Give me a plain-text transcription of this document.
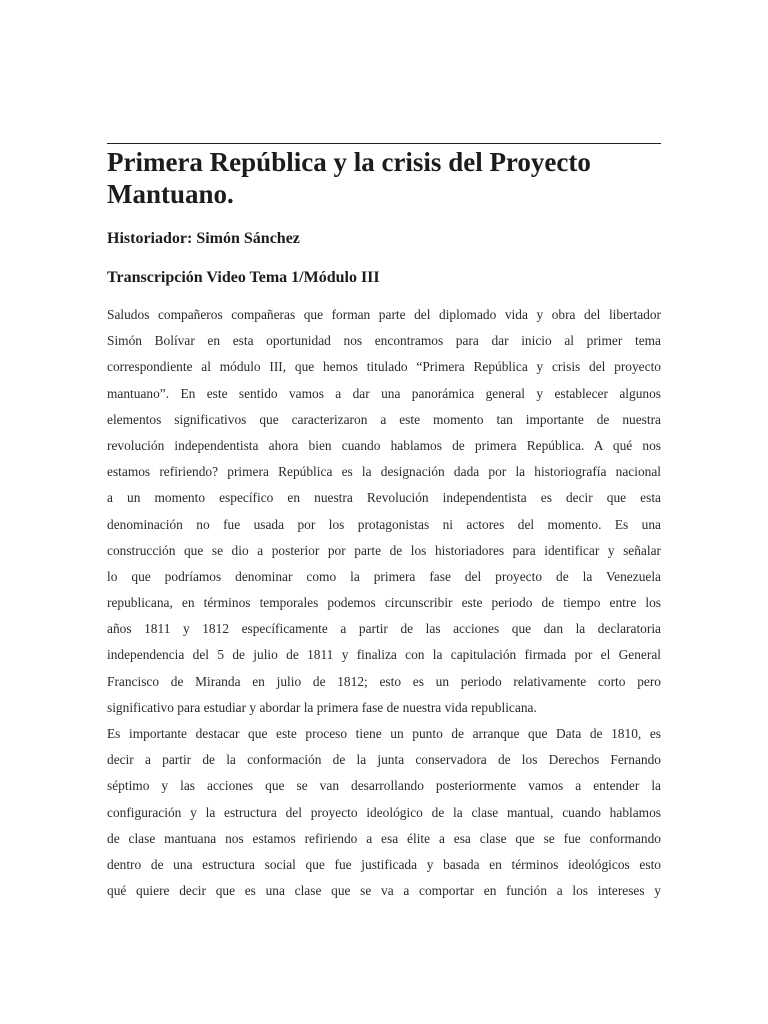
Primera República y la crisis del Proyecto Mantuano.

Historiador: Simón Sánchez

Transcripción Video Tema 1/Módulo III

Saludos compañeros compañeras que forman parte del diplomado vida y obra del libertador
Simón Bolívar en esta oportunidad nos encontramos para dar inicio al primer tema
correspondiente al módulo III, que hemos titulado “Primera República y crisis del proyecto
mantuano”. En este sentido vamos a dar una panorámica general y establecer algunos
elementos significativos que caracterizaron a este momento tan importante de nuestra
revolución independentista ahora bien cuando hablamos de primera República. A qué nos
estamos refiriendo? primera República es la designación dada por la historiografía nacional
a un momento específico en nuestra Revolución independentista es decir que esta
denominación no fue usada por los protagonistas ni actores del momento. Es una
construcción que se dio a posterior por parte de los historiadores para identificar y señalar
lo que podríamos denominar como la primera fase del proyecto de la Venezuela
republicana, en términos temporales podemos circunscribir este periodo de tiempo entre los
años 1811 y 1812 específicamente a partir de las acciones que dan la declaratoria
independencia del 5 de julio de 1811 y finaliza con la capitulación firmada por el General
Francisco de Miranda en julio de 1812; esto es un periodo relativamente corto pero
significativo para estudiar y abordar la primera fase de nuestra vida republicana.
Es importante destacar que este proceso tiene un punto de arranque que Data de 1810, es
decir a partir de la conformación de la junta conservadora de los Derechos Fernando
séptimo y las acciones que se van desarrollando posteriormente vamos a entender la
configuración y la estructura del proyecto ideológico de la clase mantual, cuando hablamos
de clase mantuana nos estamos refiriendo a esa élite a esa clase que se fue conformando
dentro de una estructura social que fue justificada y basada en términos ideológicos esto
qué quiere decir que es una clase que se va a comportar en función a los intereses y
